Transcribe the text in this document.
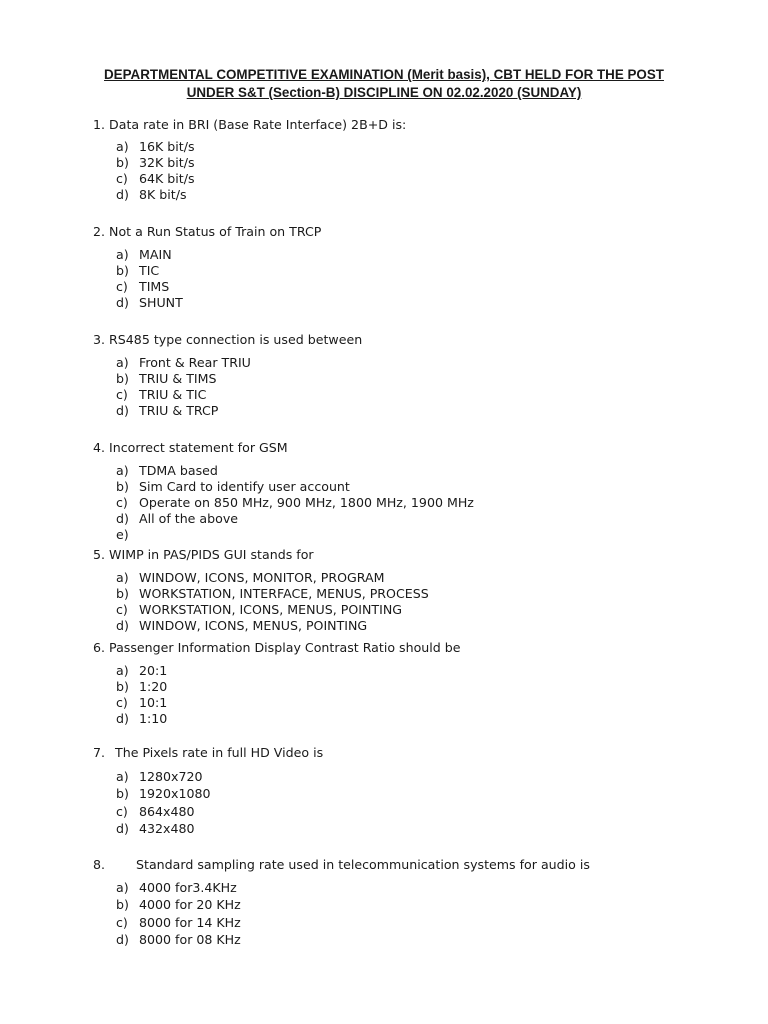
DEPARTMENTAL COMPETITIVE EXAMINATION (Merit basis), CBT HELD FOR THE POST
UNDER S&T (Section-B) DISCIPLINE ON 02.02.2020 (SUNDAY)
1. Data rate in BRI (Base Rate Interface) 2B+D is:
a) 16K bit/s
b) 32K bit/s
c) 64K bit/s
d) 8K bit/s
2. Not a Run Status of Train on TRCP
a) MAIN
b) TIC
c) TIMS
d) SHUNT
3. RS485 type connection is used between
a) Front & Rear TRIU
b) TRIU & TIMS
c) TRIU & TIC
d) TRIU & TRCP
4. Incorrect statement for GSM
a) TDMA based
b) Sim Card to identify user account
c) Operate on 850 MHz, 900 MHz, 1800 MHz, 1900 MHz
d) All of the above
e)
5. WIMP in PAS/PIDS GUI stands for
a) WINDOW, ICONS, MONITOR, PROGRAM
b) WORKSTATION, INTERFACE, MENUS, PROCESS
c) WORKSTATION, ICONS, MENUS, POINTING
d) WINDOW, ICONS, MENUS, POINTING
6. Passenger Information Display Contrast Ratio should be
a) 20:1
b) 1:20
c) 10:1
d) 1:10
7. The Pixels rate in full HD Video is
a) 1280x720
b) 1920x1080
c) 864x480
d) 432x480
8. Standard sampling rate used in telecommunication systems for audio is
a) 4000 for3.4KHz
b) 4000 for 20 KHz
c) 8000 for 14 KHz
d) 8000 for 08 KHz
